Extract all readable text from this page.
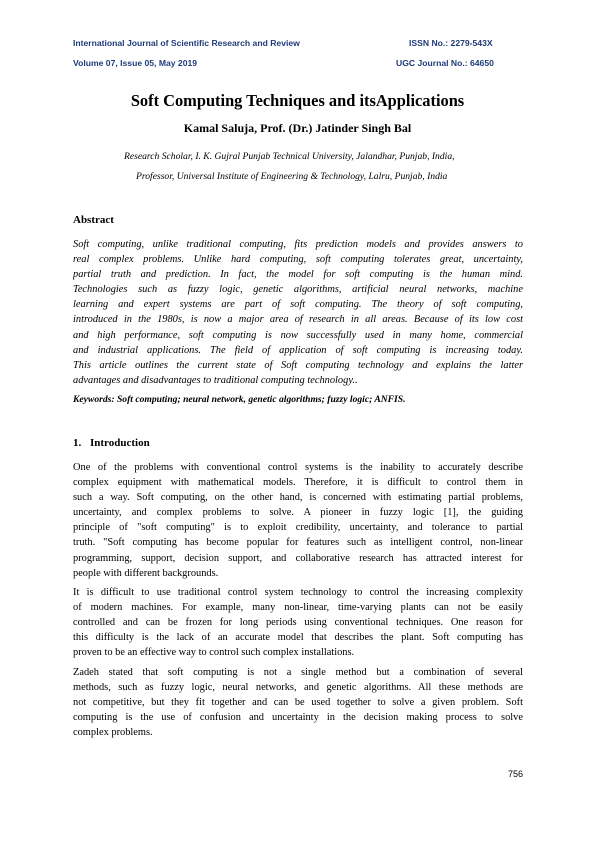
International Journal of Scientific Research and Review	ISSN No.: 2279-543X
Volume 07, Issue 05, May 2019	UGC Journal No.: 64650
Soft Computing Techniques and itsApplications
Kamal Saluja, Prof. (Dr.) Jatinder Singh Bal
Research Scholar, I. K. Gujral Punjab Technical University, Jalandhar, Punjab, India,
Professor, Universal Institute of Engineering & Technology, Lalru, Punjab, India
Abstract
Soft computing, unlike traditional computing, fits prediction models and provides answers to
real complex problems. Unlike hard computing, soft computing tolerates great, uncertainty,
partial truth and prediction. In fact, the model for soft computing is the human mind.
Technologies such as fuzzy logic, genetic algorithms, artificial neural networks, machine
learning and expert systems are part of soft computing. The theory of soft computing,
introduced in the 1980s, is now a major area of research in all areas. Because of its low cost
and high performance, soft computing is now successfully used in many home, commercial
and industrial applications. The field of application of soft computing is increasing today.
This article outlines the current state of Soft computing technology and explains the latter
advantages and disadvantages to traditional computing technology..
Keywords: Soft computing; neural network, genetic algorithms; fuzzy logic; ANFIS.
1. Introduction
One of the problems with conventional control systems is the inability to accurately describe
complex equipment with mathematical models. Therefore, it is difficult to control them in
such a way. Soft computing, on the other hand, is concerned with estimating partial problems,
uncertainty, and complex problems to solve. A pioneer in fuzzy logic [1], the guiding
principle of "soft computing" is to exploit credibility, uncertainty, and tolerance to partial
truth. "Soft computing has become popular for features such as intelligent control, non-linear
programming, support, decision support, and collaborative research has attracted interest for
people with different backgrounds.
It is difficult to use traditional control system technology to control the increasing complexity
of modern machines. For example, many non-linear, time-varying plants can not be easily
controlled and can be frozen for long periods using conventional techniques. One reason for
this difficulty is the lack of an accurate model that describes the plant. Soft computing has
proven to be an effective way to control such complex installations.
Zadeh stated that soft computing is not a single method but a combination of several
methods, such as fuzzy logic, neural networks, and genetic algorithms. All these methods are
not competitive, but they fit together and can be used together to solve a given problem. Soft
computing is the use of confusion and uncertainty in the decision making process to solve
complex problems.
756
